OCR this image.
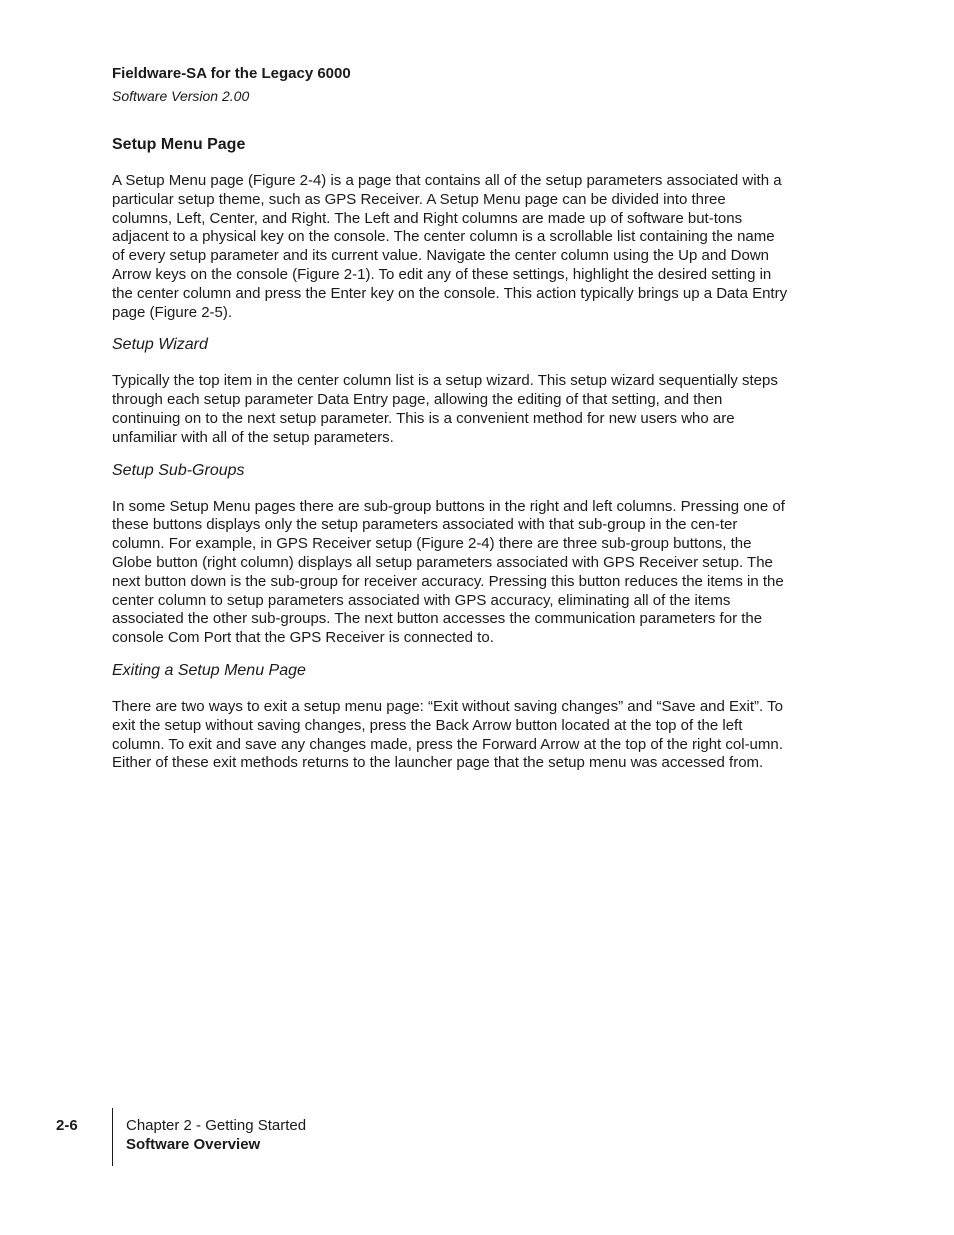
Fieldware-SA for the Legacy 6000
Software Version 2.00
Setup Menu Page

A Setup Menu page (Figure 2-4) is a page that contains all of the setup parameters associated with a particular setup theme, such as GPS Receiver. A Setup Menu page can be divided into three columns, Left, Center, and Right. The Left and Right columns are made up of software but-tons adjacent to a physical key on the console. The center column is a scrollable list containing the name of every setup parameter and its current value. Navigate the center column using the Up and Down Arrow keys on the console (Figure 2-1). To edit any of these settings, highlight the desired setting in the center column and press the Enter key on the console. This action typically brings up a Data Entry page (Figure 2-5).

Setup Wizard

Typically the top item in the center column list is a setup wizard. This setup wizard sequentially steps through each setup parameter Data Entry page, allowing the editing of that setting, and then continuing on to the next setup parameter. This is a convenient method for new users who are unfamiliar with all of the setup parameters.

Setup Sub-Groups

In some Setup Menu pages there are sub-group buttons in the right and left columns. Pressing one of these buttons displays only the setup parameters associated with that sub-group in the cen-ter column. For example, in GPS Receiver setup (Figure 2-4) there are three sub-group buttons, the Globe button (right column) displays all setup parameters associated with GPS Receiver setup. The next button down is the sub-group for receiver accuracy. Pressing this button reduces the items in the center column to setup parameters associated with GPS accuracy, eliminating all of the items associated the other sub-groups. The next button accesses the communication parameters for the console Com Port that the GPS Receiver is connected to.

Exiting a Setup Menu Page

There are two ways to exit a setup menu page: “Exit without saving changes” and “Save and Exit”. To exit the setup without saving changes, press the Back Arrow button located at the top of the left column. To exit and save any changes made, press the Forward Arrow at the top of the right col-umn. Either of these exit methods returns to the launcher page that the setup menu was accessed from.

2-6	Chapter 2 - Getting Started
Software Overview
